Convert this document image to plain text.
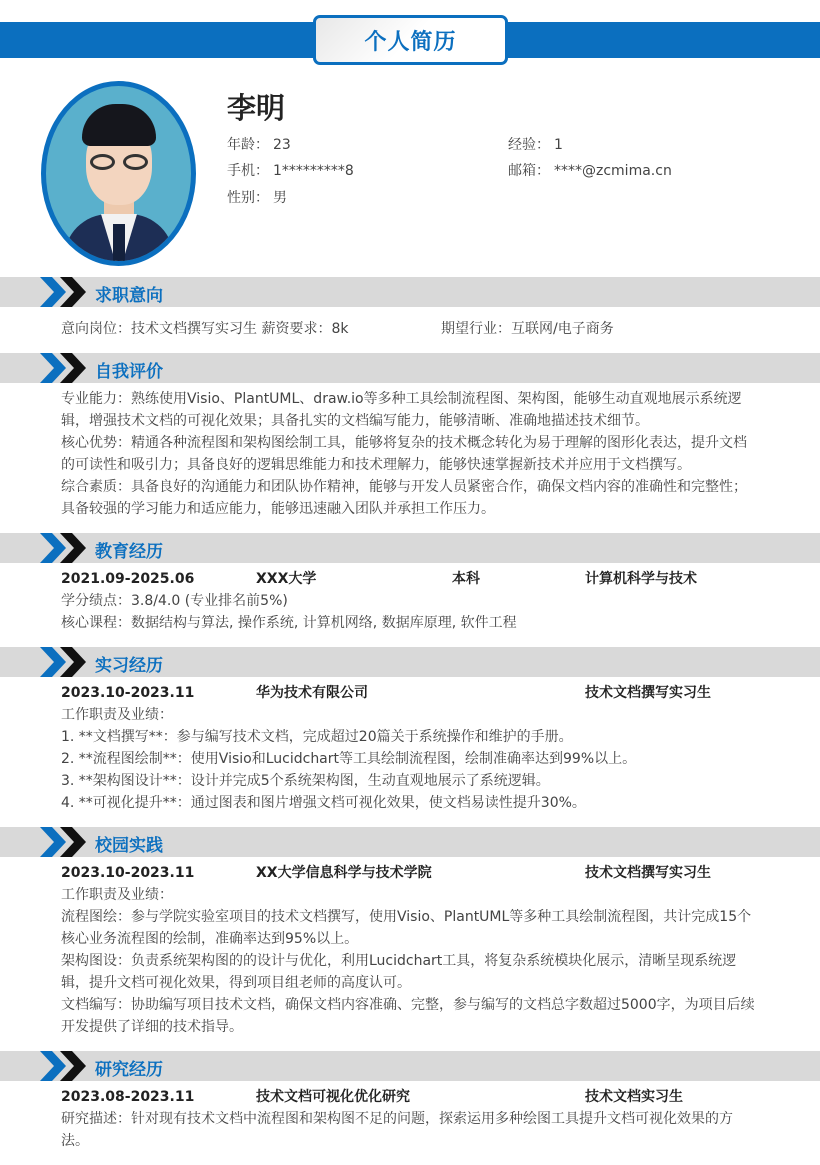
个人简历
李明
年龄： 23	经验： 1
手机： 1*********8	邮箱： ****@zcmima.cn
性别： 男
求职意向
意向岗位：技术文档撰写实习生 薪资要求：8k	期望行业：互联网/电子商务
自我评价
专业能力：熟练使用Visio、PlantUML、draw.io等多种工具绘制流程图、架构图，能够生动直观地展示系统逻辑，增强技术文档的可视化效果；具备扎实的文档编写能力，能够清晰、准确地描述技术细节。
核心优势：精通各种流程图和架构图绘制工具，能够将复杂的技术概念转化为易于理解的图形化表达，提升文档的可读性和吸引力；具备良好的逻辑思维能力和技术理解力，能够快速掌握新技术并应用于文档撰写。
综合素质：具备良好的沟通能力和团队协作精神，能够与开发人员紧密合作，确保文档内容的准确性和完整性；具备较强的学习能力和适应能力，能够迅速融入团队并承担工作压力。
教育经历
2021.09-2025.06	XXX大学	本科	计算机科学与技术
学分绩点：3.8/4.0 (专业排名前5%)
核心课程：数据结构与算法, 操作系统, 计算机网络, 数据库原理, 软件工程
实习经历
2023.10-2023.11	华为技术有限公司	技术文档撰写实习生
工作职责及业绩：
1. **文档撰写**：参与编写技术文档，完成超过20篇关于系统操作和维护的手册。
2. **流程图绘制**：使用Visio和Lucidchart等工具绘制流程图，绘制准确率达到99%以上。
3. **架构图设计**：设计并完成5个系统架构图，生动直观地展示了系统逻辑。
4. **可视化提升**：通过图表和图片增强文档可视化效果，使文档易读性提升30%。
校园实践
2023.10-2023.11	XX大学信息科学与技术学院	技术文档撰写实习生
工作职责及业绩：
流程图绘：参与学院实验室项目的技术文档撰写，使用Visio、PlantUML等多种工具绘制流程图，共计完成15个核心业务流程图的绘制，准确率达到95%以上。
架构图设：负责系统架构图的的设计与优化，利用Lucidchart工具，将复杂系统模块化展示，清晰呈现系统逻辑，提升文档可视化效果，得到项目组老师的高度认可。
文档编写：协助编写项目技术文档，确保文档内容准确、完整，参与编写的文档总字数超过5000字，为项目后续开发提供了详细的技术指导。
研究经历
2023.08-2023.11	技术文档可视化优化研究	技术文档实习生
研究描述：针对现有技术文档中流程图和架构图不足的问题，探索运用多种绘图工具提升文档可视化效果的方法。
